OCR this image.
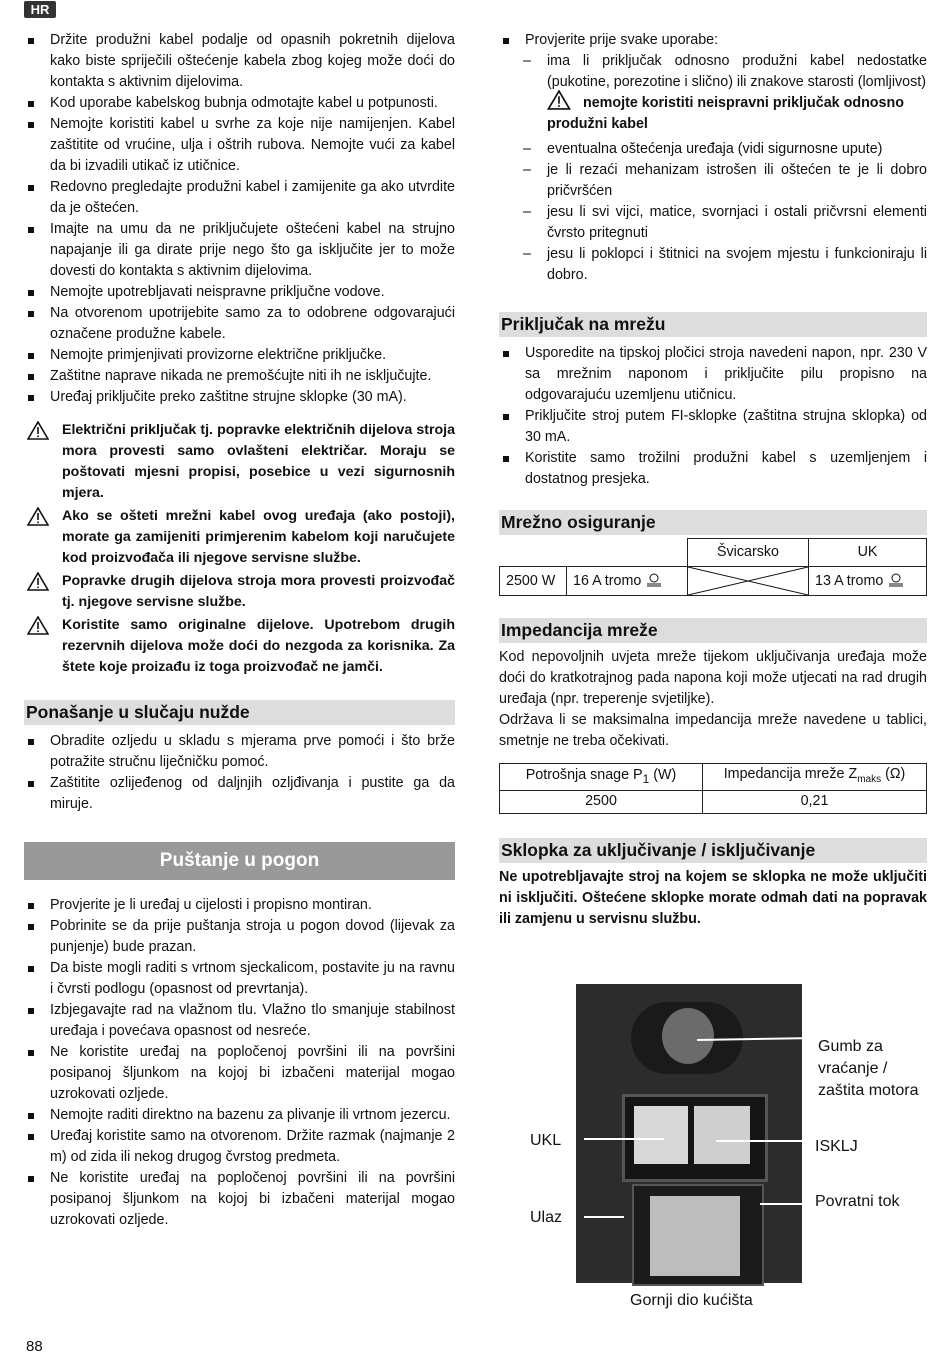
HR
Držite produžni kabel podalje od opasnih pokretnih dijelova kako biste spriječili oštećenje kabela zbog kojeg može doći do kontakta s aktivnim dijelovima.
Kod uporabe kabelskog bubnja odmotajte kabel u potpunosti.
Nemojte koristiti kabel u svrhe za koje nije namijenjen. Kabel zaštitite od vrućine, ulja i oštrih rubova. Nemojte vući za kabel da bi izvadili utikač iz utičnice.
Redovno pregledajte produžni kabel i zamijenite ga ako utvrdite da je oštećen.
Imajte na umu da ne priključujete oštećeni kabel na strujno napajanje ili ga dirate prije nego što ga isključite jer to može dovesti do kontakta s aktivnim dijelovima.
Nemojte upotrebljavati neispravne priključne vodove.
Na otvorenom upotrijebite samo za to odobrene odgovarajući označene produžne kabele.
Nemojte primjenjivati provizorne električne priključke.
Zaštitne naprave nikada ne premošćujte niti ih ne isključujte.
Uređaj priključite preko zaštitne strujne sklopke (30 mA).
Električni priključak tj. popravke električnih dijelova stroja mora provesti samo ovlašteni električar. Moraju se poštovati mjesni propisi, posebice u vezi sigurnosnih mjera.
Ako se ošteti mrežni kabel ovog uređaja (ako postoji), morate ga zamijeniti primjerenim kabelom koji naručujete kod proizvođača ili njegove servisne službe.
Popravke drugih dijelova stroja mora provesti proizvođač tj. njegove servisne službe.
Koristite samo originalne dijelove. Upotrebom drugih rezervnih dijelova može doći do nezgoda za korisnika. Za štete koje proizađu iz toga proizvođač ne jamči.
Ponašanje u slučaju nužde
Obradite ozljedu u skladu s mjerama prve pomoći i što brže potražite stručnu liječničku pomoć.
Zaštitite ozlijeđenog od daljnjih ozljđivanja i pustite ga da miruje.
Puštanje u pogon
Provjerite je li uređaj u cijelosti i propisno montiran.
Pobrinite se da prije puštanja stroja u pogon dovod (lijevak za punjenje) bude prazan.
Da biste mogli raditi s vrtnom sjeckalicom, postavite ju na ravnu i čvrsti podlogu (opasnost od prevrtanja).
Izbjegavajte rad na vlažnom tlu. Vlažno tlo smanjuje stabilnost uređaja i povećava opasnost od nesreće.
Ne koristite uređaj na popločenoj površini ili na površini posipanoj šljunkom na kojoj bi izbačeni materijal mogao uzrokovati ozljede.
Nemojte raditi direktno na bazenu za plivanje ili vrtnom jezercu.
Uređaj koristite samo na otvorenom. Držite razmak (najmanje 2 m) od zida ili nekog drugog čvrstog predmeta.
Ne koristite uređaj na popločenoj površini ili na površini posipanoj šljunkom na kojoj bi izbačeni materijal mogao uzrokovati ozljede.
Provjerite prije svake uporabe:
– ima li priključak odnosno produžni kabel nedostatke (pukotine, porezotine i slično) ili znakove starosti (lomljivost)
nemojte koristiti neispravni priključak odnosno produžni kabel
– eventualna oštećenja uređaja (vidi sigurnosne upute)
– je li rezaći mehanizam istrošen ili oštećen te je li dobro pričvršćen
– jesu li svi vijci, matice, svornjaci i ostali pričvrsni elementi čvrsto pritegnuti
– jesu li poklopci i štitnici na svojem mjestu i funkcioniraju li dobro.
Priključak na mrežu
Usporedite na tipskoj pločici stroja navedeni napon, npr. 230 V sa mrežnim naponom i priključite pilu propisno na odgovarajuću uzemljenu utičnicu.
Priključite stroj putem FI-sklopke (zaštitna strujna sklopka) od 30 mA.
Koristite samo trožilni produžni kabel s uzemljenjem i dostatnog presjeka.
Mrežno osiguranje
		Švicarsko	UK
2500 W	16 A tromo		13 A tromo
Impedancija mreže

Kod nepovoljnih uvjeta mreže tijekom uključivanja uređaja može doći do kratkotrajnog pada napona koji može utjecati na rad drugih uređaja (npr. treperenje svjetiljke).

Održava li se maksimalna impedancija mreže navedene u tablici, smetnje ne treba očekivati.

Potrošnja snage $P_1$ (W)	Impedancija mreže $Z_{maks}$ (Ω)
2500	0,21
Sklopka za uključivanje / isključivanje

Ne upotrebljavajte stroj na kojem se sklopka ne može uključiti ni isključiti. Oštećene sklopke morate odmah dati na popravak ili zamjenu u servisnu službu.

Gumb za vraćanje / zaštita motora
UKL	ISKLJ
Ulaz
Povratni tok
Gornji dio kućišta
88
